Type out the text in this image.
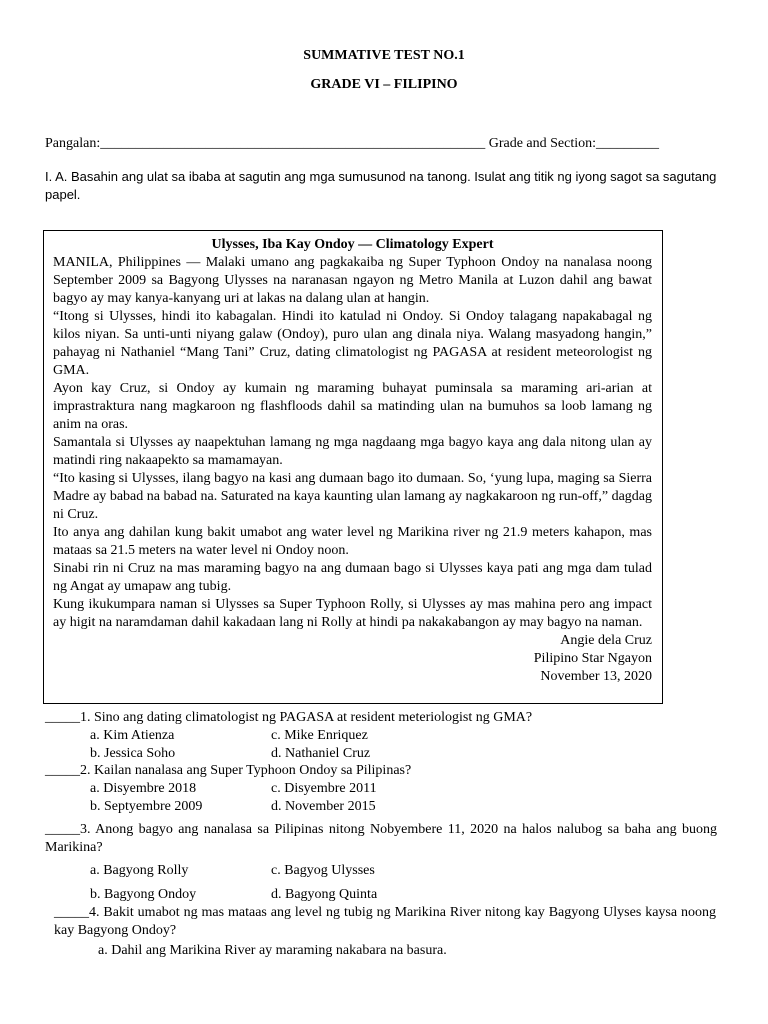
SUMMATIVE TEST NO.1
GRADE VI – FILIPINO
Pangalan:_______________________________________________________ Grade and Section:_________
I. A. Basahin ang ulat sa ibaba at sagutin ang mga sumusunod na tanong. Isulat ang titik ng iyong sagot sa sagutang papel.
Ulysses, Iba Kay Ondoy — Climatology Expert

MANILA, Philippines — Malaki umano ang pagkakaiba ng Super Typhoon Ondoy na nanalasa noong September 2009 sa Bagyong Ulysses na naranasan ngayon ng Metro Manila at Luzon dahil ang bawat bagyo ay may kanya-kanyang uri at lakas na dalang ulan at hangin.

“Itong si Ulysses, hindi ito kabagalan. Hindi ito katulad ni Ondoy. Si Ondoy talagang napakabagal ng kilos niyan. Sa unti-unti niyang galaw (Ondoy), puro ulan ang dinala niya. Walang masyadong hangin,” pahayag ni Nathaniel “Mang Tani” Cruz, dating climatologist ng PAGASA at resident meteorologist ng GMA.

Ayon kay Cruz, si Ondoy ay kumain ng maraming buhayat puminsala sa maraming ari-arian at imprastraktura nang magkaroon ng flashfloods dahil sa matinding ulan na bumuhos sa loob lamang ng anim na oras.

Samantala si Ulysses ay naapektuhan lamang ng mga nagdaang mga bagyo kaya ang dala nitong ulan ay matindi ring nakaapekto sa mamamayan.

“Ito kasing si Ulysses, ilang bagyo na kasi ang dumaan bago ito dumaan. So, ‘yung lupa, maging sa Sierra Madre ay babad na babad na. Saturated na kaya kaunting ulan lamang ay nagkakaroon ng run-off,” dagdag ni Cruz.

Ito anya ang dahilan kung bakit umabot ang water level ng Marikina river ng 21.9 meters kahapon, mas mataas sa 21.5 meters na water level ni Ondoy noon.

Sinabi rin ni Cruz na mas maraming bagyo na ang dumaan bago si Ulysses kaya pati ang mga dam tulad ng Angat ay umapaw ang tubig.

Kung ikukumpara naman si Ulysses sa Super Typhoon Rolly, si Ulysses ay mas mahina pero ang impact ay higit na naramdaman dahil kakadaan lang ni Rolly at hindi pa nakakabangon ay may bagyo na naman.

Angie dela Cruz
Pilipino Star Ngayon
November 13, 2020
_____1. Sino ang dating climatologist ng PAGASA at resident meteriologist ng GMA?
a. Kim Atienza	c. Mike Enriquez
b. Jessica Soho	d. Nathaniel Cruz
_____2. Kailan nanalasa ang Super Typhoon Ondoy sa Pilipinas?
a. Disyembre 2018	c. Disyembre 2011
b. Septyembre 2009	d. November 2015
_____3. Anong bagyo ang nanalasa sa Pilipinas nitong Nobyembere 11, 2020 na halos nalubog sa baha ang buong Marikina?
a. Bagyong Rolly	c. Bagyog Ulysses
b. Bagyong Ondoy	d. Bagyong Quinta
_____4. Bakit umabot ng mas mataas ang level ng tubig ng Marikina River nitong kay Bagyong Ulyses kaysa noong kay Bagyong Ondoy?
a. Dahil ang Marikina River ay maraming nakabara na basura.
